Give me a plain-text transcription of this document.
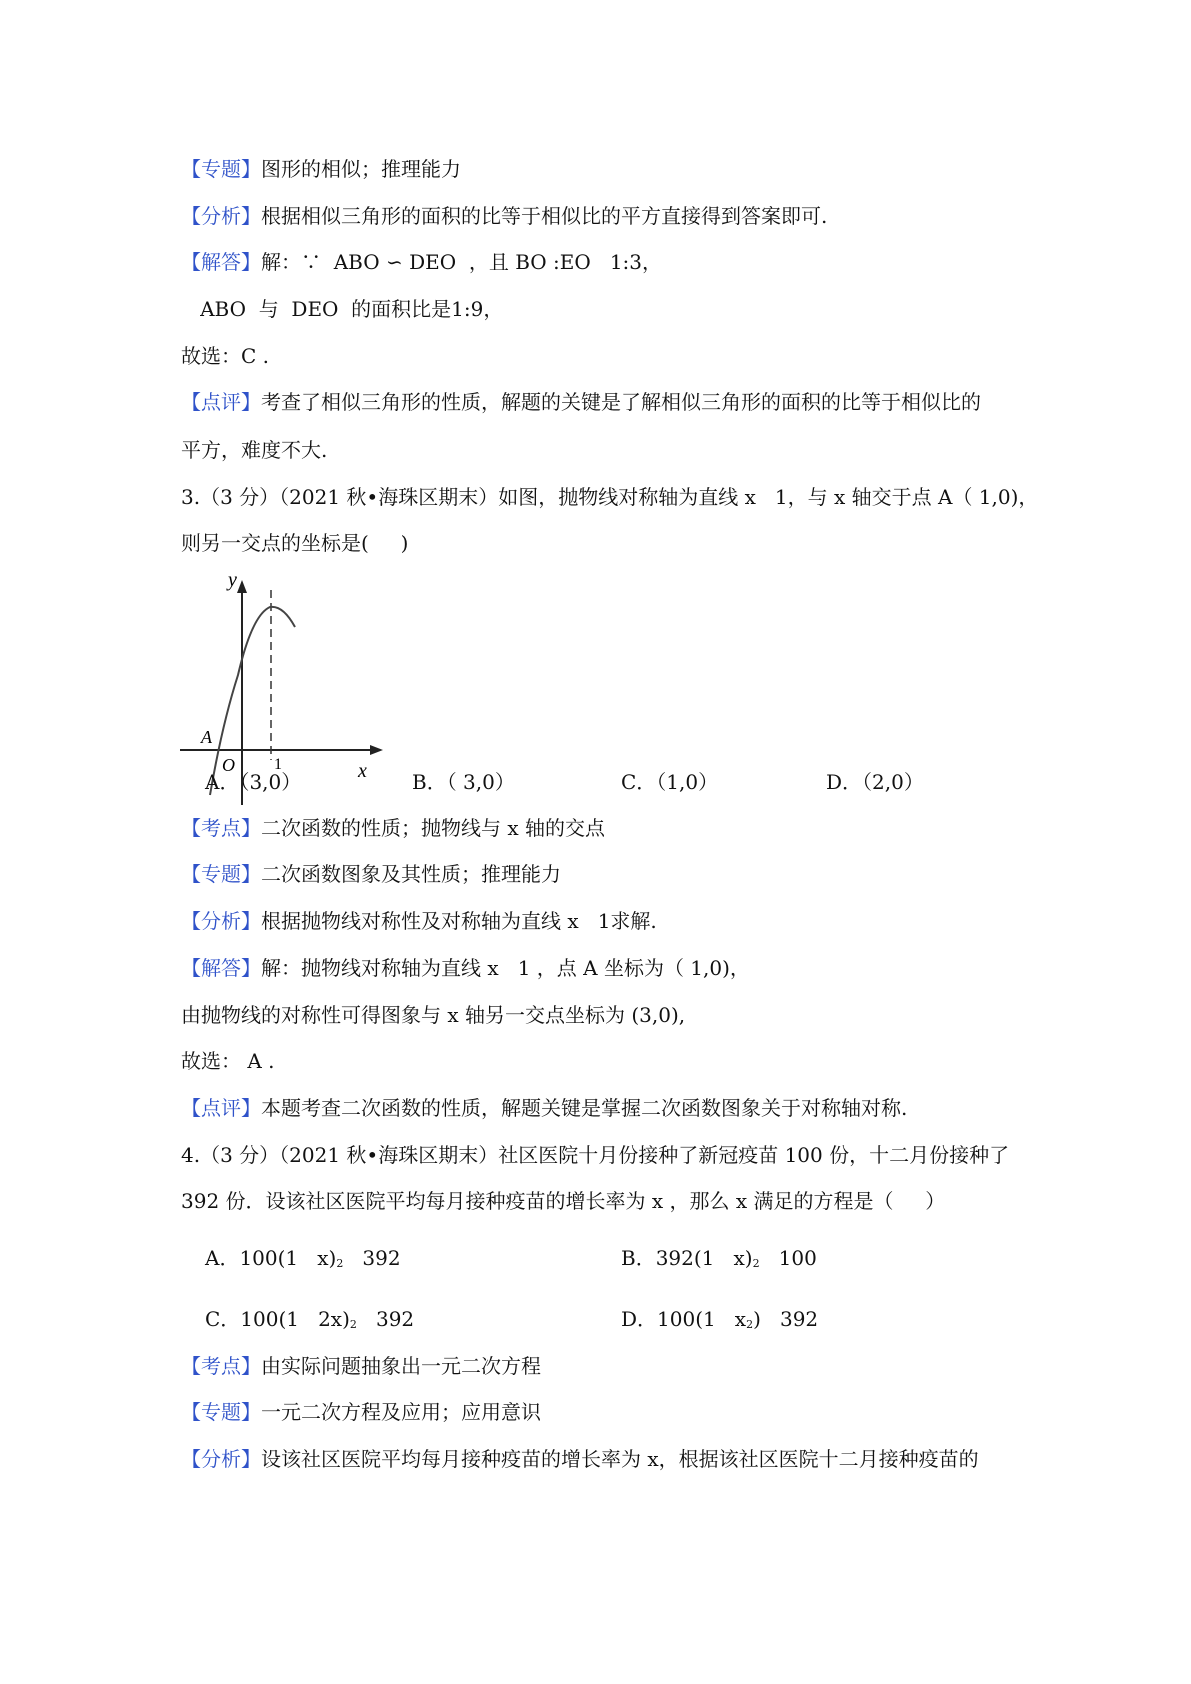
【专题】图形的相似；推理能力
【分析】根据相似三角形的面积的比等于相似比的平方直接得到答案即可.
【解答】解：∵  ABO ∽ DEO  ，且 BO :EO   1:3，
ABO  与  DEO  的面积比是1:9，
故选：C .
【点评】考查了相似三角形的性质，解题的关键是了解相似三角形的面积的比等于相似比的
平方，难度不大.
3.（3 分）（2021 秋•海珠区期末）如图，抛物线对称轴为直线 x   1，与 x 轴交于点 A（ 1,0)，
则另一交点的坐标是(     )
y
x
O
A
1
A．（3,0）	B．（ 3,0）	C．（1,0）	D．（2,0）
【考点】二次函数的性质；抛物线与 x 轴的交点
【专题】二次函数图象及其性质；推理能力
【分析】根据抛物线对称性及对称轴为直线 x   1求解.
【解答】解：抛物线对称轴为直线 x   1 ，点 A 坐标为（ 1,0)，
由抛物线的对称性可得图象与 x 轴另一交点坐标为 (3,0),
故选： A .
【点评】本题考查二次函数的性质，解题关键是掌握二次函数图象关于对称轴对称.
4.（3 分）（2021 秋•海珠区期末）社区医院十月份接种了新冠疫苗 100 份，十二月份接种了
392 份．设该社区医院平均每月接种疫苗的增长率为 x ，那么 x 满足的方程是（     ）
A．100(1   x)$^2$   392	B．392(1   x)$^2$   100
C．100(1   2x)$^2$   392	D．100(1   $x^2$)   392
【考点】由实际问题抽象出一元二次方程
【专题】一元二次方程及应用；应用意识
【分析】设该社区医院平均每月接种疫苗的增长率为 x，根据该社区医院十二月接种疫苗的
